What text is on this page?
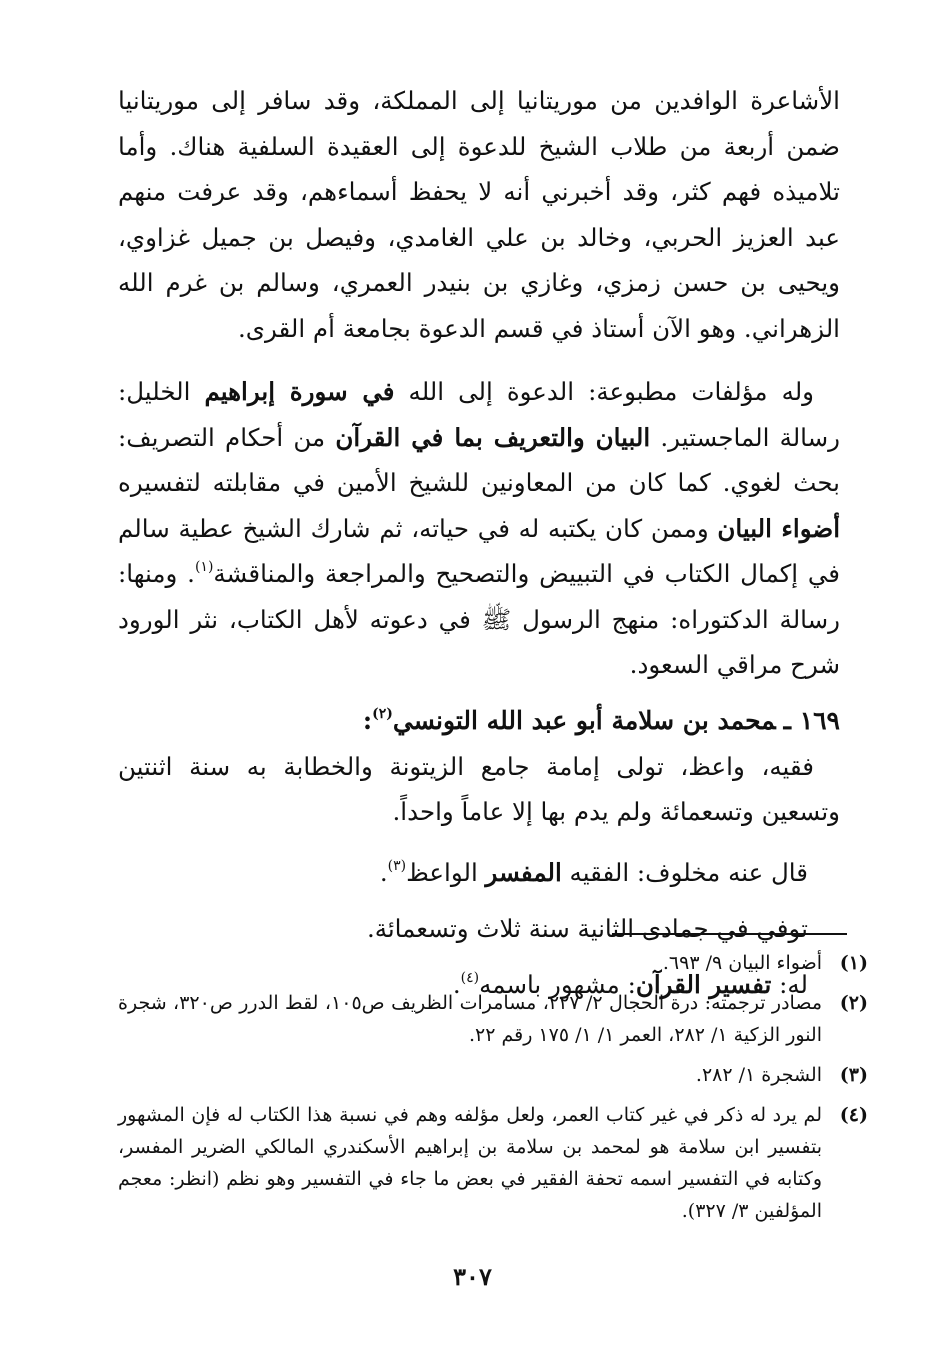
الأشاعرة الوافدين من موريتانيا إلى المملكة، وقد سافر إلى موريتانيا ضمن أربعة من طلاب الشيخ للدعوة إلى العقيدة السلفية هناك. وأما تلاميذه فهم كثر، وقد أخبرني أنه لا يحفظ أسماءهم، وقد عرفت منهم عبد العزيز الحربي، وخالد بن علي الغامدي، وفيصل بن جميل غزاوي، ويحيى بن حسن زمزي، وغازي بن بنيدر العمري، وسالم بن غرم الله الزهراني. وهو الآن أستاذ في قسم الدعوة بجامعة أم القرى.

وله مؤلفات مطبوعة: الدعوة إلى الله في سورة إبراهيم الخليل: رسالة الماجستير. البيان والتعريف بما في القرآن من أحكام التصريف: بحث لغوي. كما كان من المعاونين للشيخ الأمين في مقابلته لتفسيره أضواء البيان وممن كان يكتبه له في حياته، ثم شارك الشيخ عطية سالم في إكمال الكتاب في التبييض والتصحيح والمراجعة والمناقشة$^{(١)}$. ومنها: رسالة الدكتوراه: منهج الرسول ﷺ في دعوته لأهل الكتاب، نثر الورود شرح مراقي السعود.

١٦٩ ـمحمد بن سلامة أبو عبد الله التونسي$^{(٢)}$:

فقيه، واعظ، تولى إمامة جامع الزيتونة والخطابة به سنة اثنتين وتسعين وتسعمائة ولم يدم بها إلا عاماً واحداً.

قال عنه مخلوف: الفقيه المفسر الواعظ$^{(٣)}$.
توفي في جمادى الثانية سنة ثلاث وتسعمائة.
له: تفسير القرآن: مشهور باسمه$^{(٤)}$.
(١)
أضواء البيان ٩/ ٦٩٣.
(٢)
مصادر ترجمته: درة الحجال ٢/ ٢٢٧، مسامرات الظريف ص١٠٥، لقط الدرر ص٣٢٠، شجرة النور الزكية ١/ ٢٨٢، العمر ١/ ١/ ١٧٥ رقم ٢٢.
(٣)
الشجرة ١/ ٢٨٢.
(٤)
لم يرد له ذكر في غير كتاب العمر، ولعل مؤلفه وهم في نسبة هذا الكتاب له فإن المشهور بتفسير ابن سلامة هو لمحمد بن سلامة بن إبراهيم الأسكندري المالكي الضرير المفسر، وكتابه في التفسير اسمه تحفة الفقير في بعض ما جاء في التفسير وهو نظم (انظر: معجم المؤلفين ٣/ ٣٢٧).
٣٠٧
